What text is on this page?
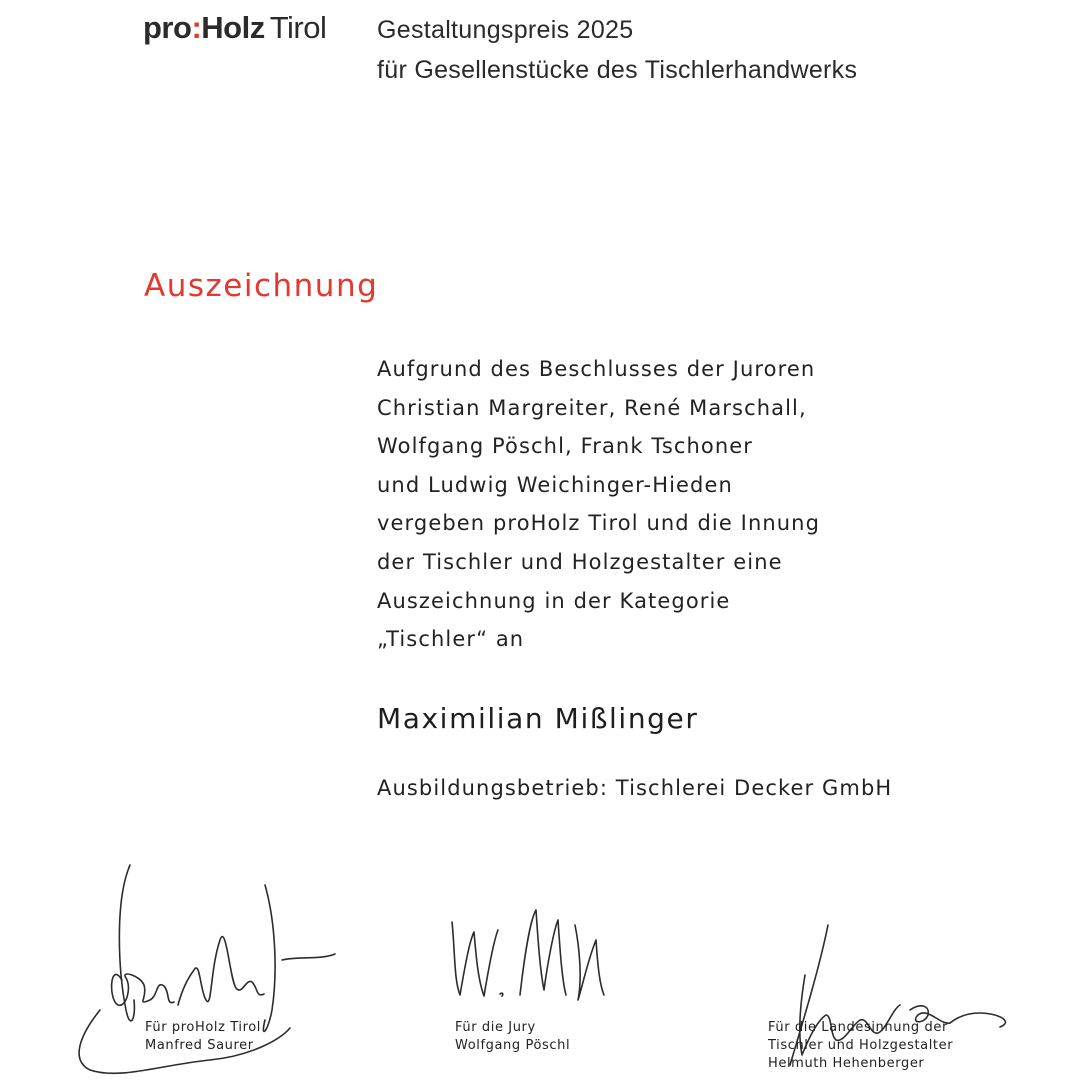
pro:Holz Tirol Gestaltungspreis 2025
für Gesellenstücke des Tischlerhandwerks
Auszeichnung
Aufgrund des Beschlusses der Juroren
Christian Margreiter, René Marschall,
Wolfgang Pöschl, Frank Tschoner
und Ludwig Weichinger-Hieden
vergeben proHolz Tirol und die Innung
der Tischler und Holzgestalter eine
Auszeichnung in der Kategorie
„Tischler“ an
Maximilian Mißlinger
Ausbildungsbetrieb: Tischlerei Decker GmbH
Für proHolz Tirol
Manfred Saurer
Für die Jury
Wolfgang Pöschl
Für die Landesinnung der
Tischler und Holzgestalter
Helmuth Hehenberger
